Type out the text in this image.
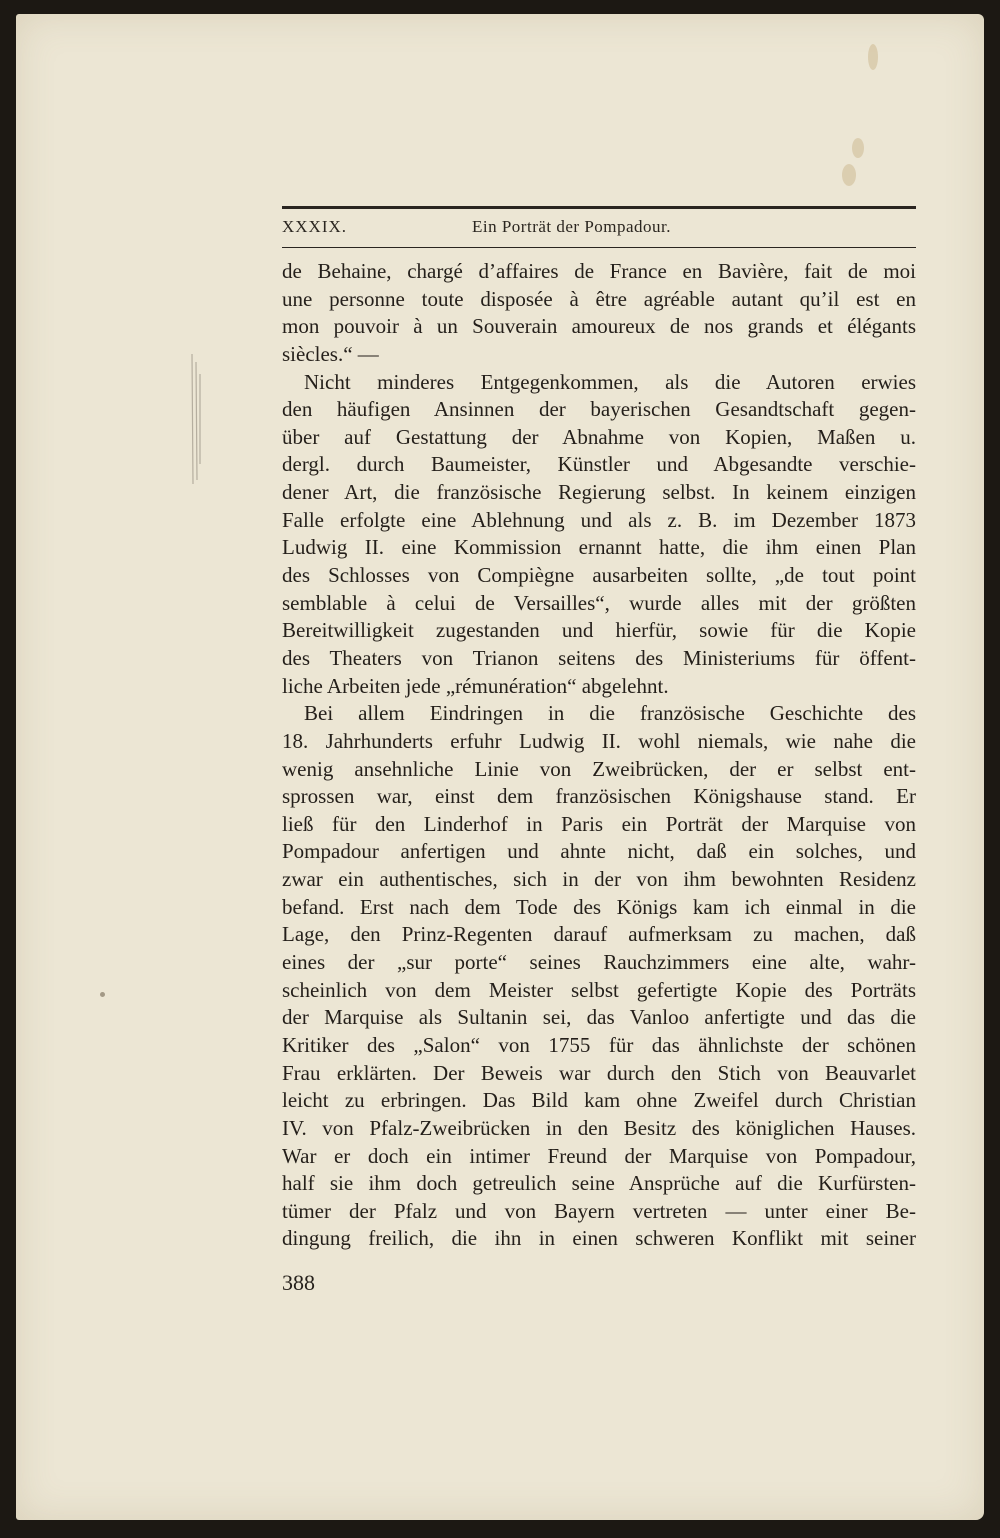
XXXIX.	Ein Porträt der Pompadour.
de Behaine, chargé d’affaires de France en Bavière, fait de moi
une personne toute disposée à être agréable autant qu’il est en
mon pouvoir à un Souverain amoureux de nos grands et élégants
siècles.“ —
Nicht minderes Entgegenkommen, als die Autoren erwies
den häufigen Ansinnen der bayerischen Gesandtschaft gegen-
über auf Gestattung der Abnahme von Kopien, Maßen u.
dergl. durch Baumeister, Künstler und Abgesandte verschie-
dener Art, die französische Regierung selbst. In keinem einzigen
Falle erfolgte eine Ablehnung und als z. B. im Dezember 1873
Ludwig II. eine Kommission ernannt hatte, die ihm einen Plan
des Schlosses von Compiègne ausarbeiten sollte, „de tout point
semblable à celui de Versailles“, wurde alles mit der größten
Bereitwilligkeit zugestanden und hierfür, sowie für die Kopie
des Theaters von Trianon seitens des Ministeriums für öffent-
liche Arbeiten jede „rémunération“ abgelehnt.
Bei allem Eindringen in die französische Geschichte des
18. Jahrhunderts erfuhr Ludwig II. wohl niemals, wie nahe die
wenig ansehnliche Linie von Zweibrücken, der er selbst ent-
sprossen war, einst dem französischen Königshause stand. Er
ließ für den Linderhof in Paris ein Porträt der Marquise von
Pompadour anfertigen und ahnte nicht, daß ein solches, und
zwar ein authentisches, sich in der von ihm bewohnten Residenz
befand. Erst nach dem Tode des Königs kam ich einmal in die
Lage, den Prinz-Regenten darauf aufmerksam zu machen, daß
eines der „sur porte“ seines Rauchzimmers eine alte, wahr-
scheinlich von dem Meister selbst gefertigte Kopie des Porträts
der Marquise als Sultanin sei, das Vanloo anfertigte und das die
Kritiker des „Salon“ von 1755 für das ähnlichste der schönen
Frau erklärten. Der Beweis war durch den Stich von Beauvarlet
leicht zu erbringen. Das Bild kam ohne Zweifel durch Christian
IV. von Pfalz-Zweibrücken in den Besitz des königlichen Hauses.
War er doch ein intimer Freund der Marquise von Pompadour,
half sie ihm doch getreulich seine Ansprüche auf die Kurfürsten-
tümer der Pfalz und von Bayern vertreten — unter einer Be-
dingung freilich, die ihn in einen schweren Konflikt mit seiner
388
